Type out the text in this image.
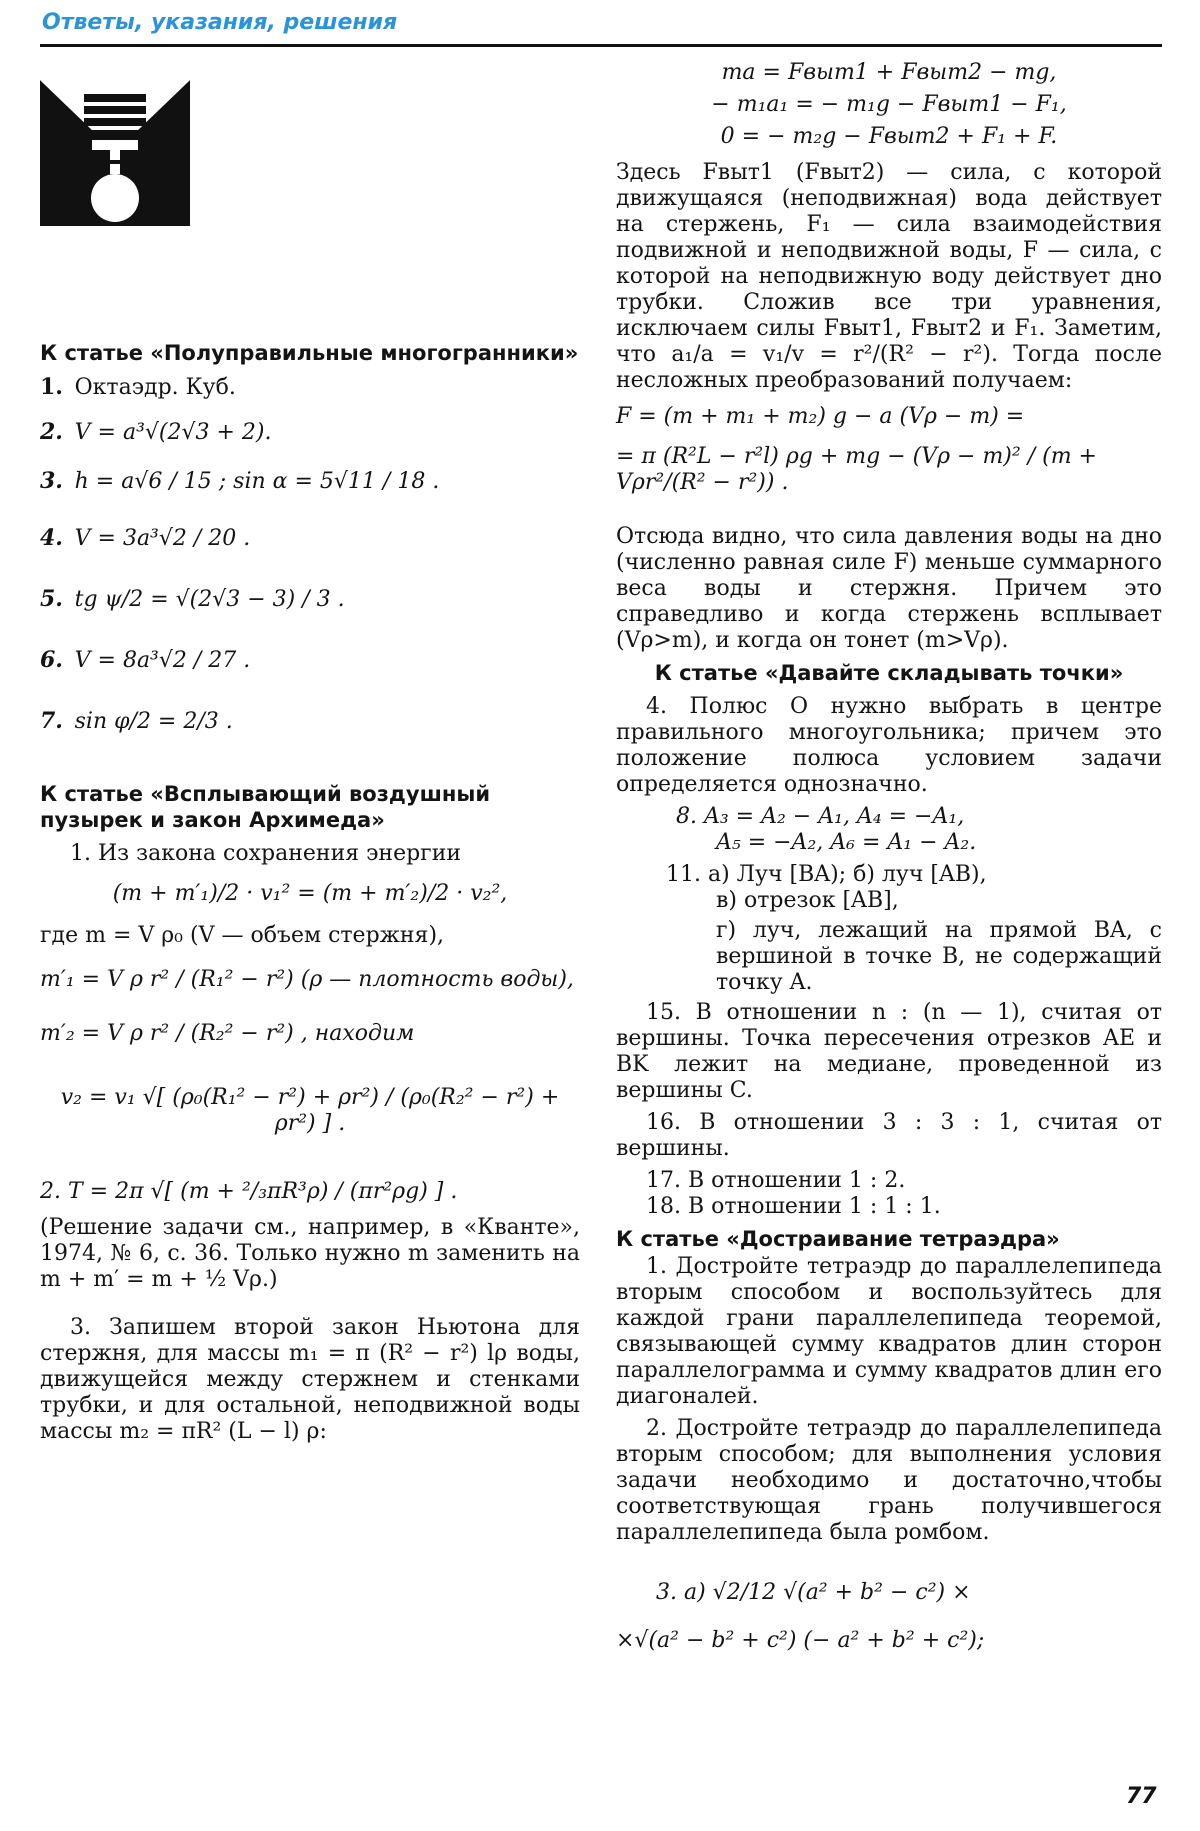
Ответы, указания, решения
К статье «Полуправильные многогранники»
1. Октаэдр. Куб.
2. V = a³√(2√3 + 2).
3. h = a√6 / 15 ; sin α = 5√11 / 18 .
4. V = 3a³√2 / 20 .
5. tg ψ/2 = √(2√3 − 3) / 3 .
6. V = 8a³√2 / 27 .
7. sin φ/2 = 2/3 .
К статье «Всплывающий воздушный пузырек и закон Архимеда»
1. Из закона сохранения энергии
(m + m′₁)/2 · v₁² = (m + m′₂)/2 · v₂²,
где m = V ρ₀ (V — объем стержня),
m′₁ = V ρ r² / (R₁² − r²) (ρ — плотность воды),
m′₂ = V ρ r² / (R₂² − r²) , находим
v₂ = v₁ √[ (ρ₀(R₁² − r²) + ρr²) / (ρ₀(R₂² − r²) + ρr²) ] .
2. T = 2π √[ (m + ²/₃πR³ρ) / (πr²ρg) ] .
(Решение задачи см., например, в «Кванте», 1974, № 6, с. 36. Только нужно m заменить на m + m′ = m + ½ Vρ.)
3. Запишем второй закон Ньютона для стержня, для массы m₁ = π (R² − r²) lρ воды, движущейся между стержнем и стенками трубки, и для остальной, неподвижной воды массы m₂ = πR² (L − l) ρ:
ma = Fвыт1 + Fвыт2 − mg,
− m₁a₁ = − m₁g − Fвыт1 − F₁,
0 = − m₂g − Fвыт2 + F₁ + F.
Здесь Fвыт1 (Fвыт2) — сила, с которой движущаяся (неподвижная) вода действует на стержень, F₁ — сила взаимодействия подвижной и неподвижной воды, F — сила, с которой на неподвижную воду действует дно трубки. Сложив все три уравнения, исключаем силы Fвыт1, Fвыт2 и F₁. Заметим, что a₁/a = v₁/v = r²/(R² − r²). Тогда после несложных преобразований получаем:
F = (m + m₁ + m₂) g − a (Vρ − m) =
= π (R²L − r²l) ρg + mg − (Vρ − m)² / (m + Vρr²/(R² − r²)) .
Отсюда видно, что сила давления воды на дно (численно равная силе F) меньше суммарного веса воды и стержня. Причем это справедливо и когда стержень всплывает (Vρ>m), и когда он тонет (m>Vρ).
К статье «Давайте складывать точки»
4. Полюс O нужно выбрать в центре правильного многоугольника; причем это положение полюса условием задачи определяется однозначно.
8. A₃ = A₂ − A₁, A₄ = −A₁,
A₅ = −A₂, A₆ = A₁ − A₂.
11. а) Луч [BA); б) луч [AB),
в) отрезок [AB],
г) луч, лежащий на прямой BA, с вершиной в точке B, не содержащий точку A.
15. В отношении n : (n — 1), считая от вершины. Точка пересечения отрезков AE и BK лежит на медиане, проведенной из вершины C.
16. В отношении 3 : 3 : 1, считая от вершины.
17. В отношении 1 : 2.
18. В отношении 1 : 1 : 1.
К статье «Достраивание тетраэдра»
1. Достройте тетраэдр до параллелепипеда вторым способом и воспользуйтесь для каждой грани параллелепипеда теоремой, связывающей сумму квадратов длин сторон параллелограмма и сумму квадратов длин его диагоналей.
2. Достройте тетраэдр до параллелепипеда вторым способом; для выполнения условия задачи необходимо и достаточно,чтобы соответствующая грань получившегося параллелепипеда была ромбом.
3. а) √2/12 √(a² + b² − c²) ×
×√(a² − b² + c²) (− a² + b² + c²);
77
